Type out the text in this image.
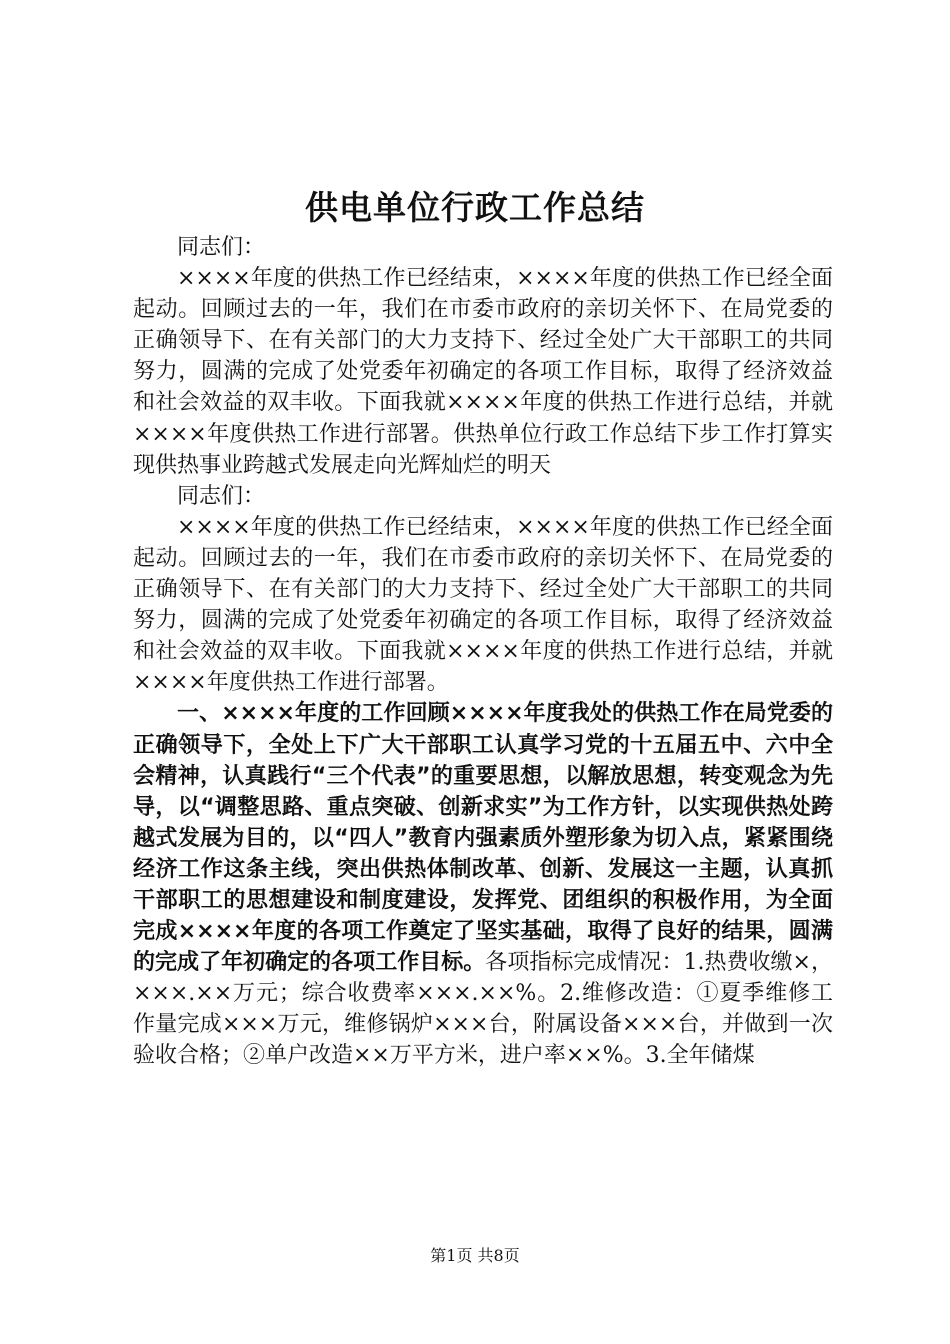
供电单位行政工作总结

同志们：

××××年度的供热工作已经结束，××××年度的供热工作已经全面起动。回顾过去的一年，我们在市委市政府的亲切关怀下、在局党委的正确领导下、在有关部门的大力支持下、经过全处广大干部职工的共同努力，圆满的完成了处党委年初确定的各项工作目标，取得了经济效益和社会效益的双丰收。下面我就××××年度的供热工作进行总结，并就××××年度供热工作进行部署。供热单位行政工作总结下步工作打算实现供热事业跨越式发展走向光辉灿烂的明天

同志们：

××××年度的供热工作已经结束，××××年度的供热工作已经全面起动。回顾过去的一年，我们在市委市政府的亲切关怀下、在局党委的正确领导下、在有关部门的大力支持下、经过全处广大干部职工的共同努力，圆满的完成了处党委年初确定的各项工作目标，取得了经济效益和社会效益的双丰收。下面我就××××年度的供热工作进行总结，并就××××年度供热工作进行部署。

一、××××年度的工作回顾××××年度我处的供热工作在局党委的正确领导下，全处上下广大干部职工认真学习党的十五届五中、六中全会精神，认真践行“三个代表”的重要思想，以解放思想，转变观念为先导，以“调整思路、重点突破、创新求实”为工作方针，以实现供热处跨越式发展为目的，以“四人”教育内强素质外塑形象为切入点，紧紧围绕经济工作这条主线，突出供热体制改革、创新、发展这一主题，认真抓干部职工的思想建设和制度建设，发挥党、团组织的积极作用，为全面完成××××年度的各项工作奠定了坚实基础，取得了良好的结果，圆满的完成了年初确定的各项工作目标。各项指标完成情况：1.热费收缴×，×××.××万元；综合收费率×××.××%。2.维修改造：①夏季维修工作量完成×××万元，维修锅炉×××台，附属设备×××台，并做到一次验收合格；②单户改造××万平方米，进户率××%。3.全年储煤

第1页 共8页
